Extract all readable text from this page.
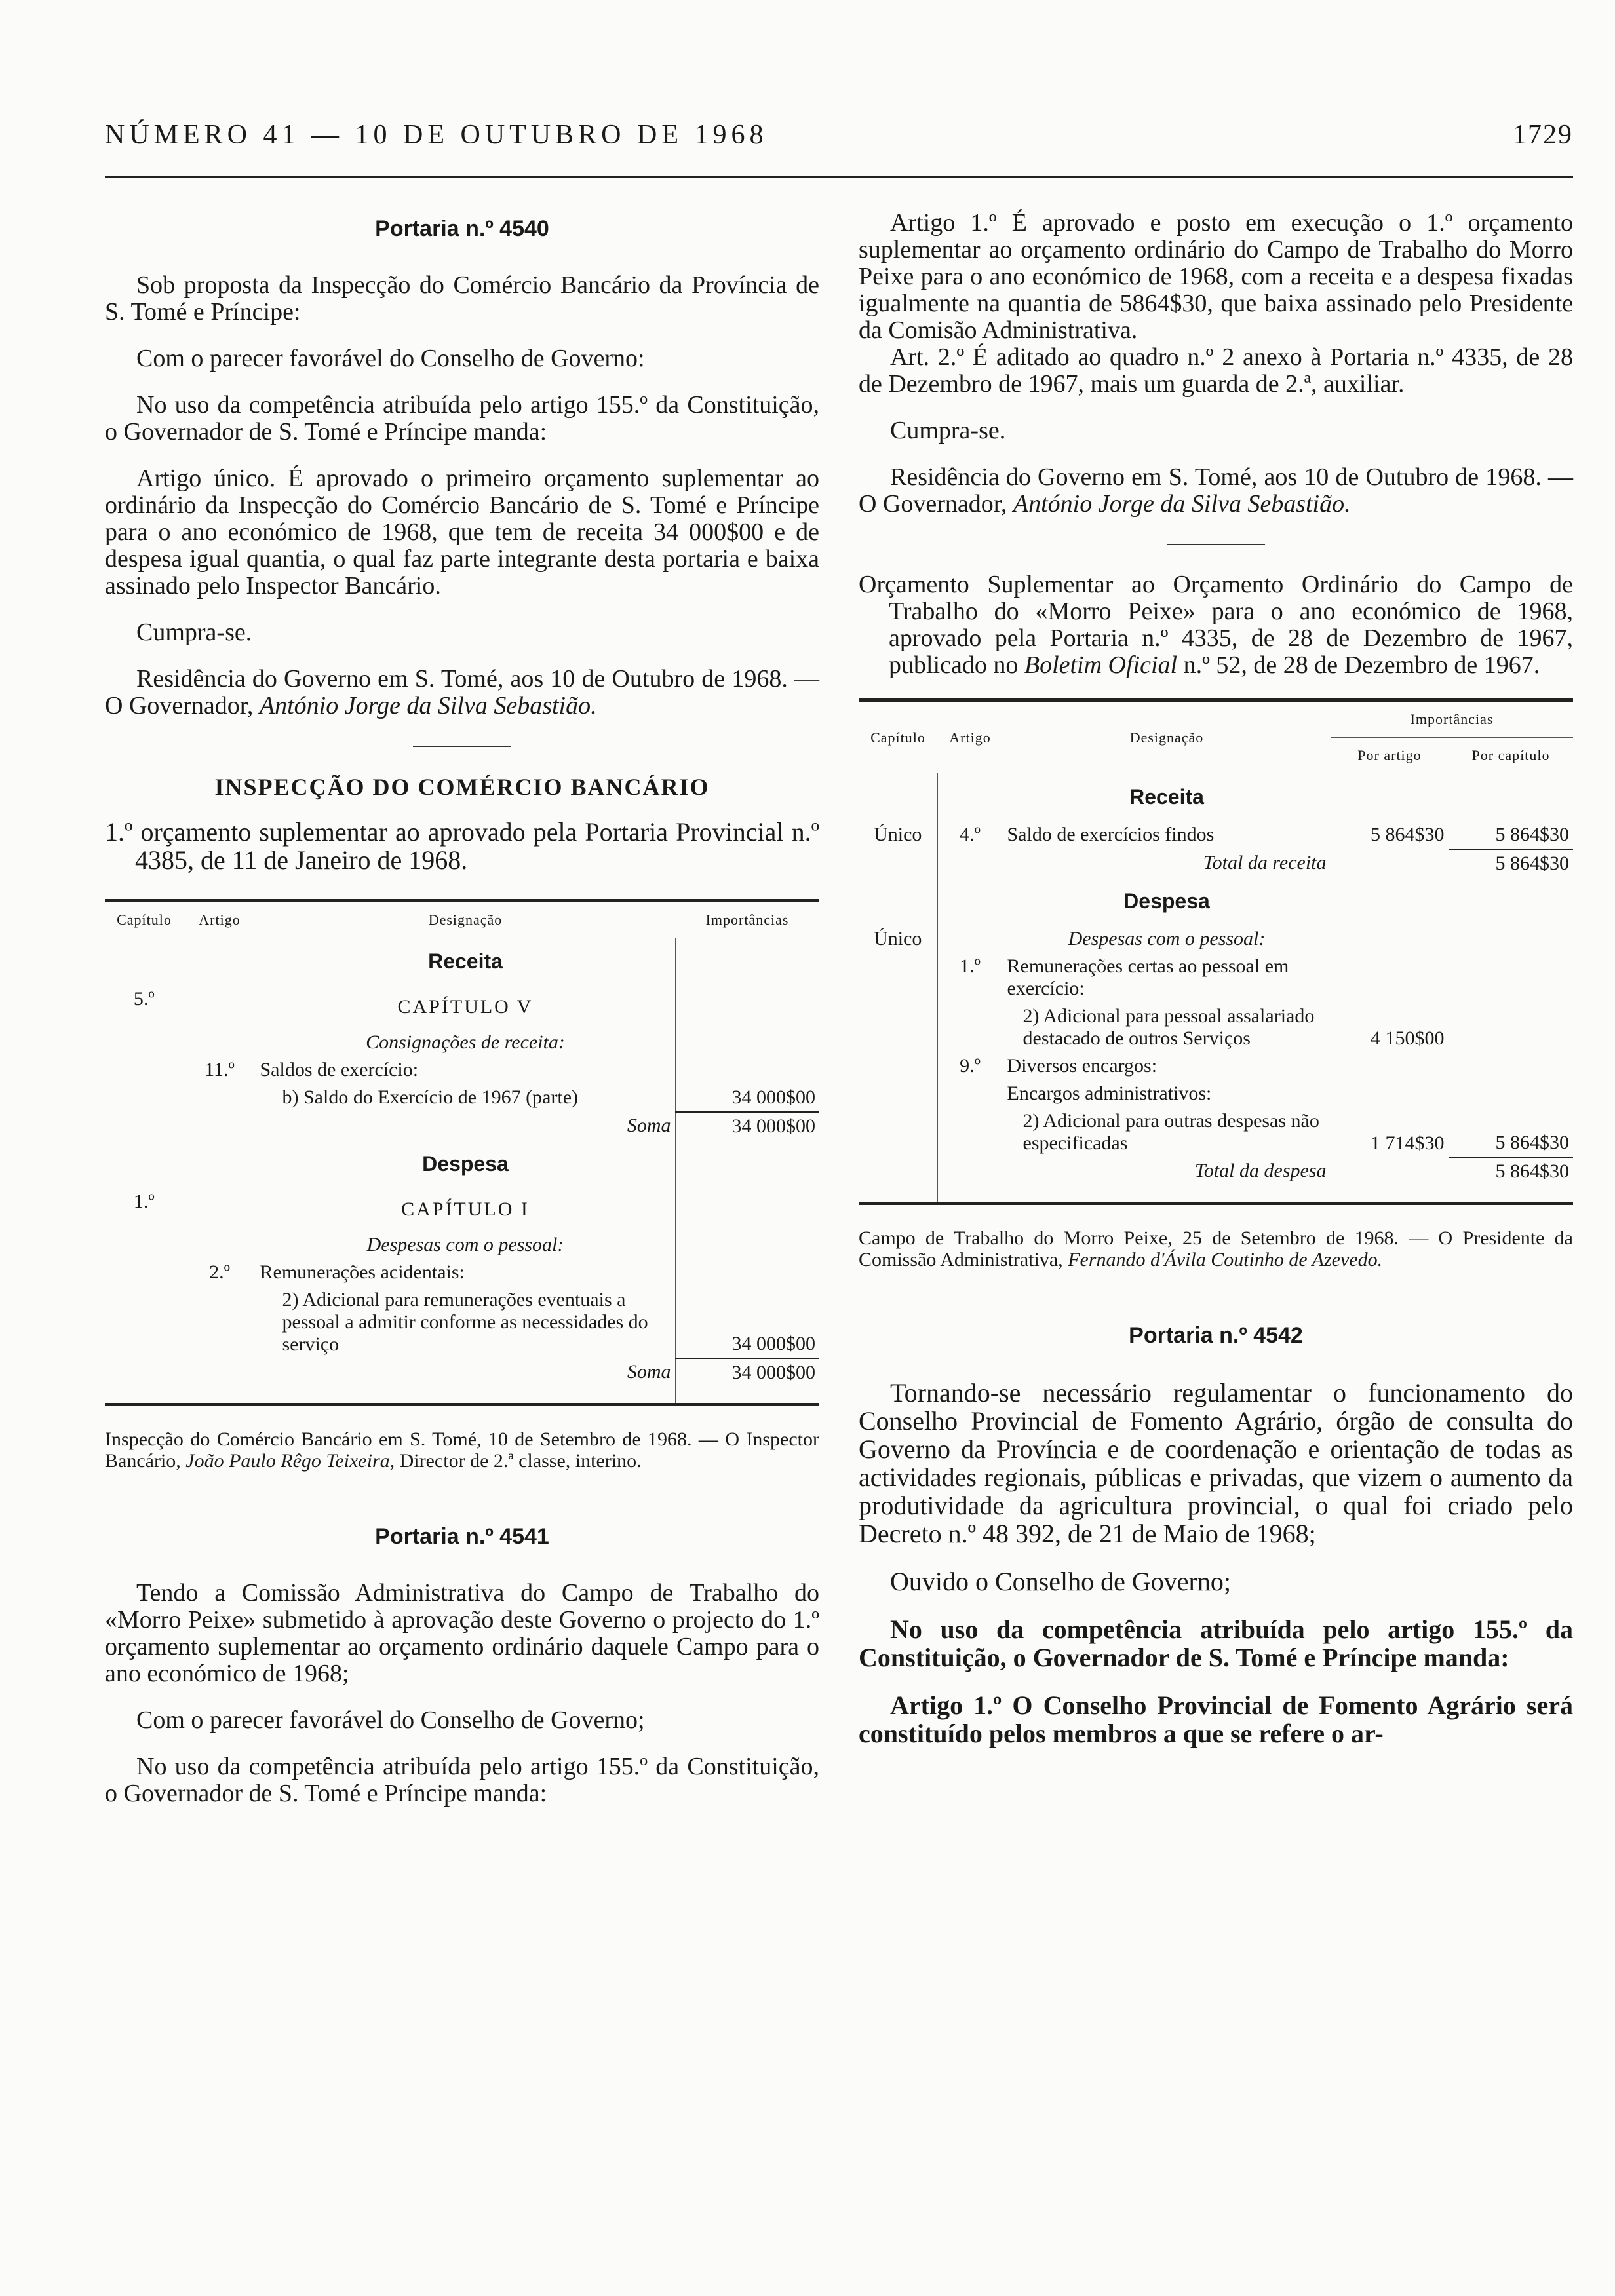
NÚMERO 41 — 10 DE OUTUBRO DE 1968	1729
Portaria n.º 4540

Sob proposta da Inspecção do Comércio Bancário da Província de S. Tomé e Príncipe:

Com o parecer favorável do Conselho de Governo:

No uso da competência atribuída pelo artigo 155.º da Constituição, o Governador de S. Tomé e Príncipe manda:

Artigo único. É aprovado o primeiro orçamento suplementar ao ordinário da Inspecção do Comércio Bancário de S. Tomé e Príncipe para o ano económico de 1968, que tem de receita 34 000$00 e de despesa igual quantia, o qual faz parte integrante desta portaria e baixa assinado pelo Inspector Bancário.

Cumpra-se.

Residência do Governo em S. Tomé, aos 10 de Outubro de 1968. — O Governador, António Jorge da Silva Sebastião.

INSPECÇÃO DO COMÉRCIO BANCÁRIO

1.º orçamento suplementar ao aprovado pela Portaria Provincial n.º 4385, de 11 de Janeiro de 1968.

Capítulo	Artigo	Designação	Importâncias
		Receita	
5.º		CAPÍTULO V	
		Consignações de receita:	
	11.º	Saldos de exercício:	
		b) Saldo do Exercício de 1967 (parte)	34 000$00
		Soma	34 000$00
		Despesa	
1.º		CAPÍTULO I	
		Despesas com o pessoal:	
	2.º	Remunerações acidentais:	
		2) Adicional para remunerações eventuais a pessoal a admitir conforme as necessidades do serviço	34 000$00
		Soma	34 000$00

Inspecção do Comércio Bancário em S. Tomé, 10 de Setembro de 1968. — O Inspector Bancário, João Paulo Rêgo Teixeira, Director de 2.ª classe, interino.

Portaria n.º 4541

Tendo a Comissão Administrativa do Campo de Trabalho do «Morro Peixe» submetido à aprovação deste Governo o projecto do 1.º orçamento suplementar ao orçamento ordinário daquele Campo para o ano económico de 1968;

Com o parecer favorável do Conselho de Governo;

No uso da competência atribuída pelo artigo 155.º da Constituição, o Governador de S. Tomé e Príncipe manda:

Artigo 1.º É aprovado e posto em execução o 1.º orçamento suplementar ao orçamento ordinário do Campo de Trabalho do Morro Peixe para o ano económico de 1968, com a receita e a despesa fixadas igualmente na quantia de 5864$30, que baixa assinado pelo Presidente da Comisão Administrativa.

Art. 2.º É aditado ao quadro n.º 2 anexo à Portaria n.º 4335, de 28 de Dezembro de 1967, mais um guarda de 2.ª, auxiliar.

Cumpra-se.

Residência do Governo em S. Tomé, aos 10 de Outubro de 1968. — O Governador, António Jorge da Silva Sebastião.

Orçamento Suplementar ao Orçamento Ordinário do Campo de Trabalho do «Morro Peixe» para o ano económico de 1968, aprovado pela Portaria n.º 4335, de 28 de Dezembro de 1967, publicado no Boletim Oficial n.º 52, de 28 de Dezembro de 1967.

Capítulo	Artigo	Designação	Importâncias	
			Por artigo	Por capítulo
		Receita		
Único	4.º	Saldo de exercícios findos	5 864$30	5 864$30
		Total da receita		5 864$30
		Despesa		
Único		Despesas com o pessoal:		
	1.º	Remunerações certas ao pessoal em exercício:		
		2) Adicional para pessoal assalariado destacado de outros Serviços	4 150$00	
	9.º	Diversos encargos:		
		Encargos administrativos:		
		2) Adicional para outras despesas não especificadas	1 714$30	5 864$30
		Total da despesa		5 864$30

Campo de Trabalho do Morro Peixe, 25 de Setembro de 1968. — O Presidente da Comissão Administrativa, Fernando d'Ávila Coutinho de Azevedo.

Portaria n.º 4542

Tornando-se necessário regulamentar o funcionamento do Conselho Provincial de Fomento Agrário, órgão de consulta do Governo da Província e de coordenação e orientação de todas as actividades regionais, públicas e privadas, que vizem o aumento da produtividade da agricultura provincial, o qual foi criado pelo Decreto n.º 48 392, de 21 de Maio de 1968;

Ouvido o Conselho de Governo;

No uso da competência atribuída pelo artigo 155.º da Constituição, o Governador de S. Tomé e Príncipe manda:

Artigo 1.º O Conselho Provincial de Fomento Agrário será constituído pelos membros a que se refere o ar-
